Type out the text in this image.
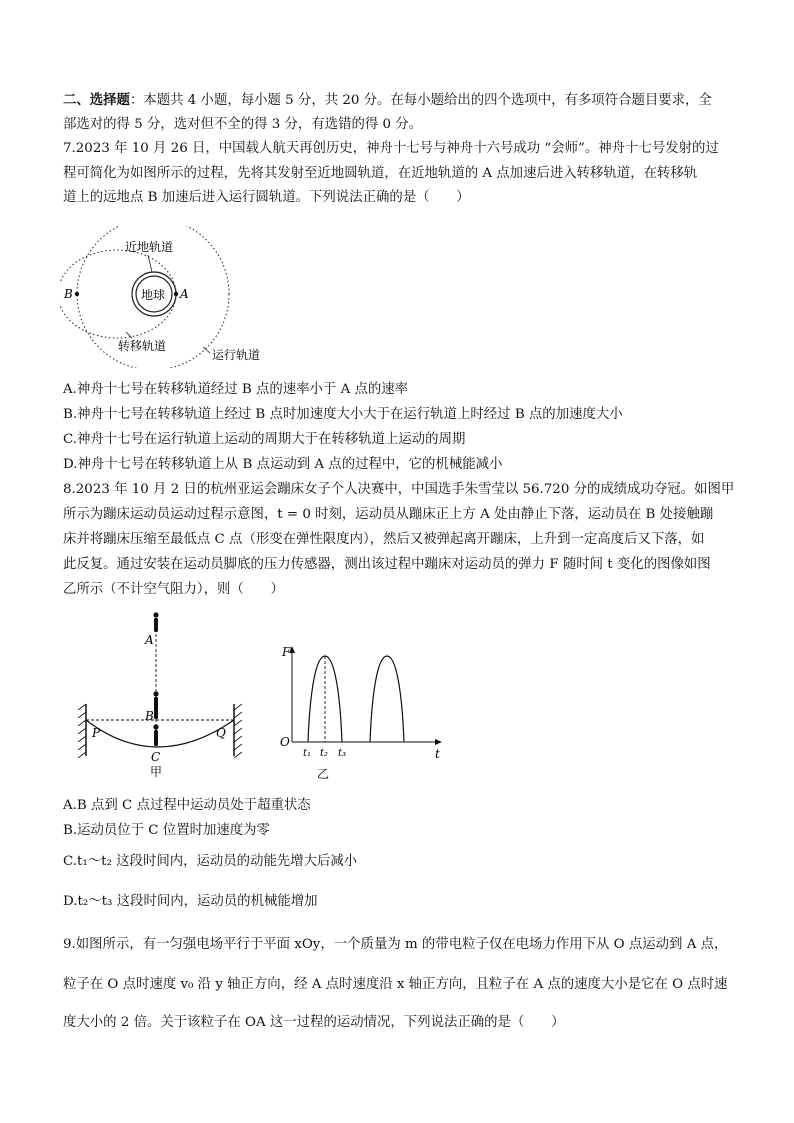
二、选择题：本题共 4 小题，每小题 5 分，共 20 分。在每小题给出的四个选项中，有多项符合题目要求，全
部选对的得 5 分，选对但不全的得 3 分，有选错的得 0 分。
7.2023 年 10 月 26 日，中国载人航天再创历史，神舟十七号与神舟十六号成功 “会师”。神舟十七号发射的过
程可简化为如图所示的过程，先将其发射至近地圆轨道，在近地轨道的 A 点加速后进入转移轨道，在转移轨
道上的远地点 B 加速后进入运行圆轨道。下列说法正确的是（　　）
地球
近地轨道
A
B
转移轨道
运行轨道
A.神舟十七号在转移轨道经过 B 点的速率小于 A 点的速率
B.神舟十七号在转移轨道上经过 B 点时加速度大小大于在运行轨道上时经过 B 点的加速度大小
C.神舟十七号在运行轨道上运动的周期大于在转移轨道上运动的周期
D.神舟十七号在转移轨道上从 B 点运动到 A 点的过程中，它的机械能减小
8.2023 年 10 月 2 日的杭州亚运会蹦床女子个人决赛中，中国选手朱雪莹以 56.720 分的成绩成功夺冠。如图甲
所示为蹦床运动员运动过程示意图，t = 0 时刻，运动员从蹦床正上方 A 处由静止下落，运动员在 B 处接触蹦
床并将蹦床压缩至最低点 C 点（形变在弹性限度内），然后又被弹起离开蹦床，上升到一定高度后又下落，如
此反复。通过安装在运动员脚底的压力传感器，测出该过程中蹦床对运动员的弹力 F 随时间 t 变化的图像如图
乙所示（不计空气阻力），则（　　）
A
B
P	Q
C
甲
F
t
O
t₁ t₂ t₃
乙
A.B 点到 C 点过程中运动员处于超重状态
B.运动员位于 C 位置时加速度为零
C.t₁～t₂ 这段时间内，运动员的动能先增大后减小
D.t₂～t₃ 这段时间内，运动员的机械能增加
9.如图所示，有一匀强电场平行于平面 xOy，一个质量为 m 的带电粒子仅在电场力作用下从 O 点运动到 A 点，
粒子在 O 点时速度 v₀ 沿 y 轴正方向，经 A 点时速度沿 x 轴正方向，且粒子在 A 点的速度大小是它在 O 点时速
度大小的 2 倍。关于该粒子在 OA 这一过程的运动情况，下列说法正确的是（　　）
